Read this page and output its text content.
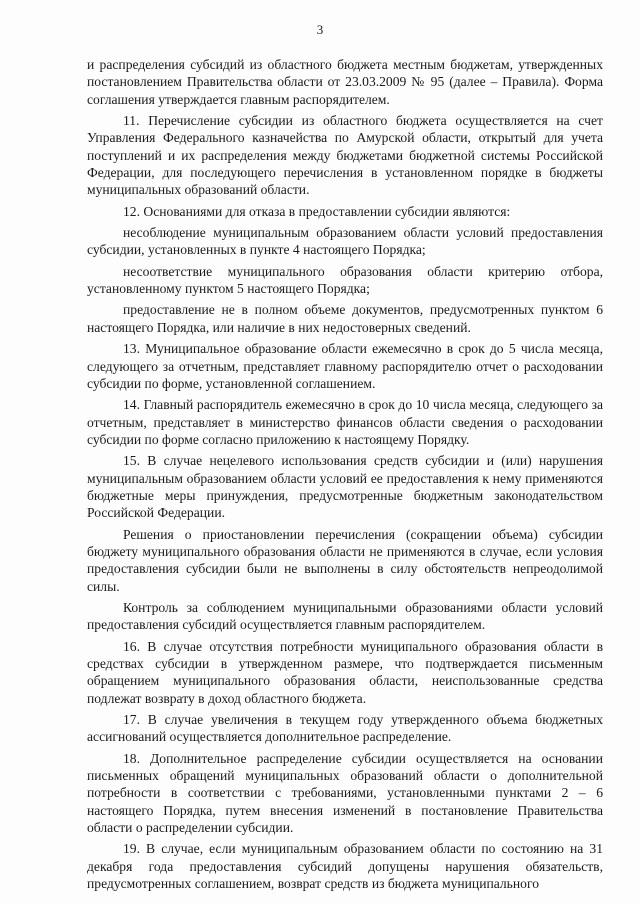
3

и распределения субсидий из областного бюджета местным бюджетам, утвержденных постановлением Правительства области от 23.03.2009 № 95 (далее – Правила). Форма соглашения утверждается главным распорядителем.

11. Перечисление субсидии из областного бюджета осуществляется на счет Управления Федерального казначейства по Амурской области, открытый для учета поступлений и их распределения между бюджетами бюджетной системы Российской Федерации, для последующего перечисления в установленном порядке в бюджеты муниципальных образований области.

12. Основаниями для отказа в предоставлении субсидии являются:

несоблюдение муниципальным образованием области условий предоставления субсидии, установленных в пункте 4 настоящего Порядка;

несоответствие муниципального образования области критерию отбора, установленному пунктом 5 настоящего Порядка;

предоставление не в полном объеме документов, предусмотренных пунктом 6 настоящего Порядка, или наличие в них недостоверных сведений.

13. Муниципальное образование области ежемесячно в срок до 5 числа месяца, следующего за отчетным, представляет главному распорядителю отчет о расходовании субсидии по форме, установленной соглашением.

14. Главный распорядитель ежемесячно в срок до 10 числа месяца, следующего за отчетным, представляет в министерство финансов области сведения о расходовании субсидии по форме согласно приложению к настоящему Порядку.

15. В случае нецелевого использования средств субсидии и (или) нарушения муниципальным образованием области условий ее предоставления к нему применяются бюджетные меры принуждения, предусмотренные бюджетным законодательством Российской Федерации.

Решения о приостановлении перечисления (сокращении объема) субсидии бюджету муниципального образования области не применяются в случае, если условия предоставления субсидии были не выполнены в силу обстоятельств непреодолимой силы.

Контроль за соблюдением муниципальными образованиями области условий предоставления субсидий осуществляется главным распорядителем.

16. В случае отсутствия потребности муниципального образования области в средствах субсидии в утвержденном размере, что подтверждается письменным обращением муниципального образования области, неиспользованные средства подлежат возврату в доход областного бюджета.

17. В случае увеличения в текущем году утвержденного объема бюджетных ассигнований осуществляется дополнительное распределение.

18. Дополнительное распределение субсидии осуществляется на основании письменных обращений муниципальных образований области о дополнительной потребности в соответствии с требованиями, установленными пунктами 2 – 6 настоящего Порядка, путем внесения изменений в постановление Правительства области о распределении субсидии.

19. В случае, если муниципальным образованием области по состоянию на 31 декабря года предоставления субсидий допущены нарушения обязательств, предусмотренных соглашением, возврат средств из бюджета муниципального
